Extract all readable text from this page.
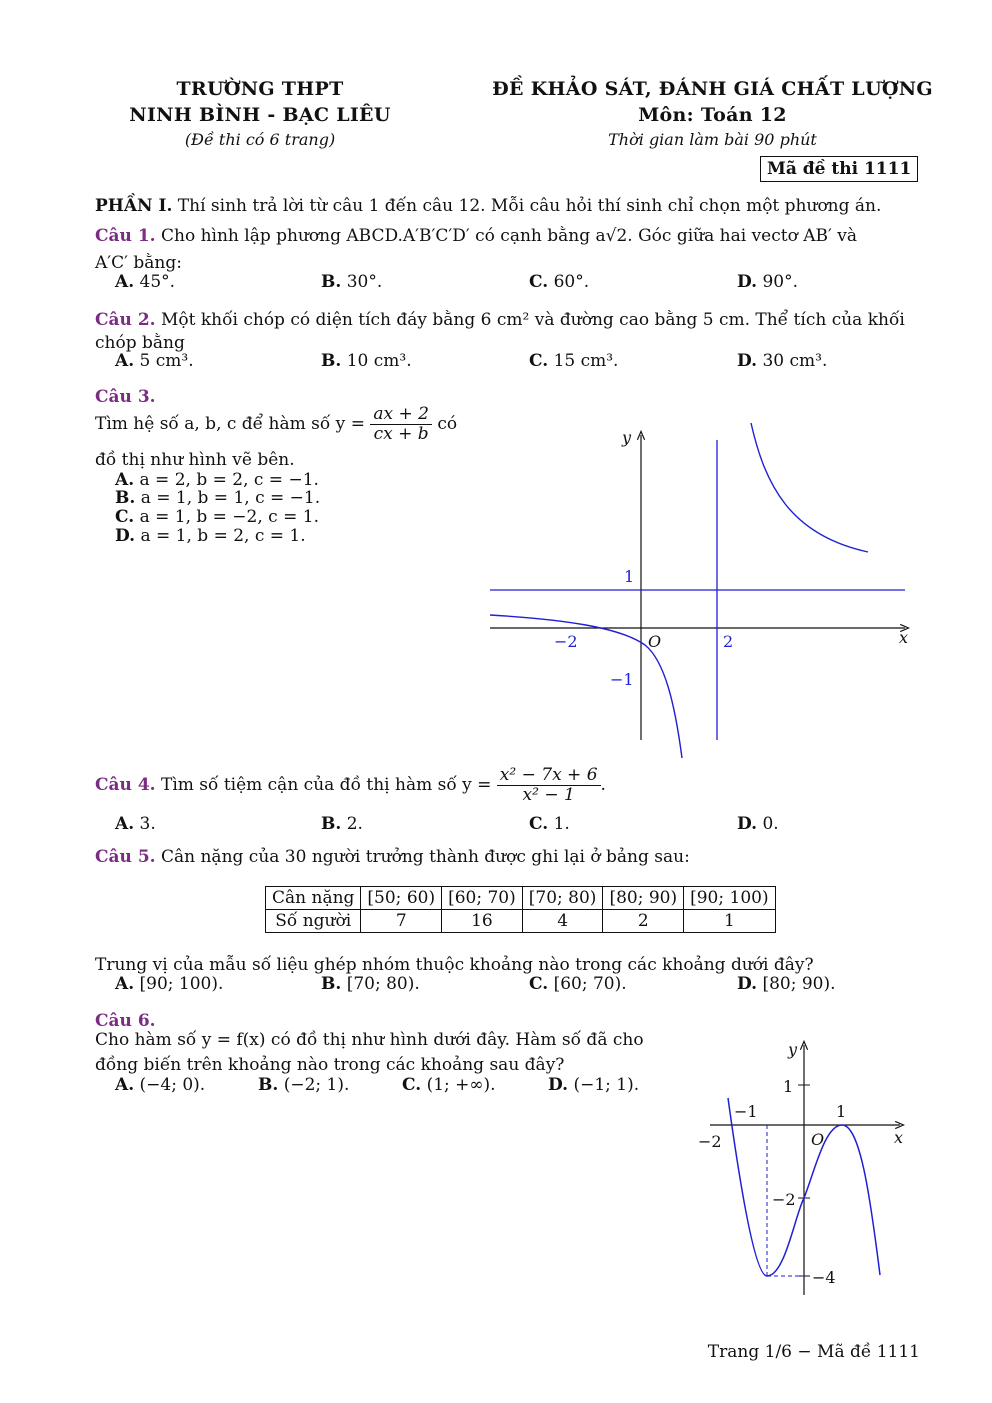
TRƯỜNG THPT
NINH BÌNH - BẠC LIÊU
(Đề thi có 6 trang)
ĐỀ KHẢO SÁT, ĐÁNH GIÁ CHẤT LƯỢNG
Môn: Toán 12
Thời gian làm bài 90 phút
Mã đề thi 1111
PHẦN I. Thí sinh trả lời từ câu 1 đến câu 12. Mỗi câu hỏi thí sinh chỉ chọn một phương án.
Câu 1. Cho hình lập phương ABCD.A′B′C′D′ có cạnh bằng a√2. Góc giữa hai vectơ AB′ và
A′C′ bằng:
A. 45°.	B. 30°.	C. 60°.	D. 90°.
Câu 2. Một khối chóp có diện tích đáy bằng 6 cm² và đường cao bằng 5 cm. Thể tích của khối
chóp bằng
A. 5 cm³.	B. 10 cm³.	C. 15 cm³.	D. 30 cm³.
Câu 3.
Tìm hệ số a, b, c để hàm số $y = \frac{ax + 2}{cx + b}$ có
đồ thị như hình vẽ bên.
A. a = 2, b = 2, c = −1.
B. a = 1, b = 1, c = −1.
C. a = 1, b = −2, c = 1.
D. a = 1, b = 2, c = 1.
y
x
1
O
−2	2
−1
Câu 4. Tìm số tiệm cận của đồ thị hàm số $y = \frac{\text{x² − 7x + 6}}{\text{x² − 1}}$ .
A. 3.	B. 2.	C. 1.	D. 0.
Câu 5. Cân nặng của 30 người trưởng thành được ghi lại ở bảng sau:
Cân nặng	[50; 60)	[60; 70)	[70; 80)	[80; 90)	[90; 100)
Số người	7	16	4	2	1
Trung vị của mẫu số liệu ghép nhóm thuộc khoảng nào trong các khoảng dưới đây?
A. [90; 100).	B. [70; 80).	C. [60; 70).	D. [80; 90).
Câu 6.
Cho hàm số y = f(x) có đồ thị như hình dưới đây. Hàm số đã cho
đồng biến trên khoảng nào trong các khoảng sau đây?
A. (−4; 0).	B. (−2; 1).	C. (1; +∞).	D. (−1; 1).
y
x
1
−1	1
−2	O
−2
−4
Trang 1/6 − Mã đề 1111
